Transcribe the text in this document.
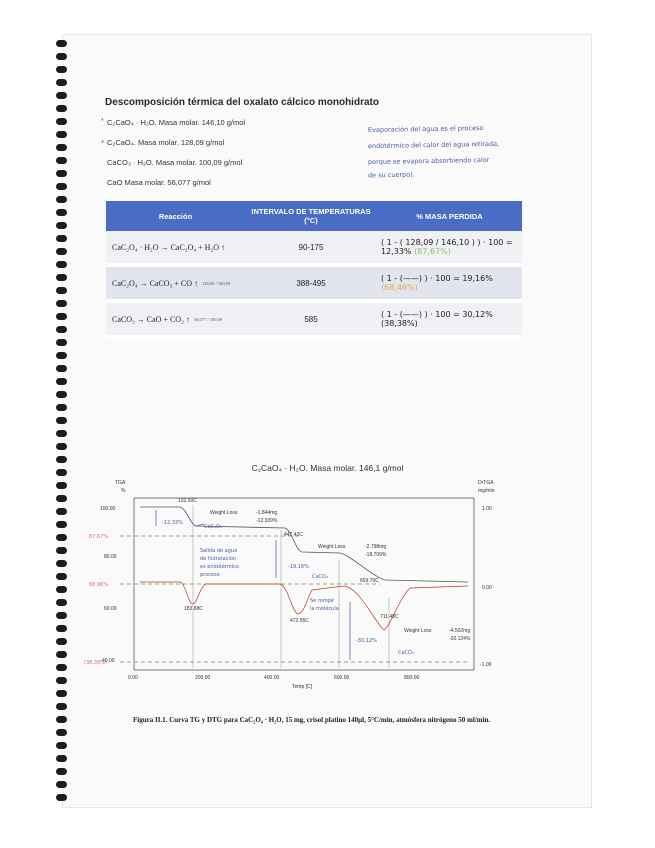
Descomposición térmica del oxalato cálcico monohidrato
*
⁎
C₂CaO₄ · H₂O. Masa molar. 146,10 g/mol
C₂CaO₄. Masa molar. 128,09 g/mol
CaCO₃ · H₂O. Masa molar. 100,09 g/mol
CaO Masa molar. 56,077 g/mol
Evaporación del agua es el proceso
endotérmico del calor del agua retirada,
porque se evapora absorbiendo calor
de su cuerpo).
Reacción	INTERVALO DE TEMPERATURAS (°C)	% MASA PERDIDA
CaC₂O₄ · H₂O → CaC₂O₄ + H₂O ↑	90-175	( 1 - ( 128,09 / 146,10 ) ) · 100 = 12,33% (87,67%)
CaC₂O₄ → CaCO₃ + CO ↑ 128,09 / 100,09	388-495	( 1 - (——) ) · 100 = 19,16% (68,46%)
CaCO₃ → CaO + CO₂ ↑ 56,077 / 100,09	585	( 1 - (——) ) · 100 = 30,12% (38,38%)
C₂CaO₄ · H₂O. Masa molar. 146,1 g/mol
TGA
%
DrTGA
mg/min
100.00
80.00
60.00
40.00
1.00
0.00
-1.00
0.00	200.00	400.00	600.00	800.00
Temp [C]
132.50C
183.88C
447.42C
472.55C
659.70C
711.48C
Weight Loss	-1.844mg
-12.339%
Weight Loss	-2.798mg
-18.709%
Weight Loss	-4.502mg
-30.124%
87,67%
68,96%
(38,38%)
-12,33%
CaC₂O₄
-19,16%
CaCO₃
-30,12%
CaCO₃
Salida de agua
de hidratación
es endotérmico
proceso
Se rompe
la molécula
Figura II.1. Curva TG y DTG para CaC₂O₄ · H₂O, 15 mg, crisol platino 140µl, 5°C/min, atmósfera nitrógeno 50 ml/min.
